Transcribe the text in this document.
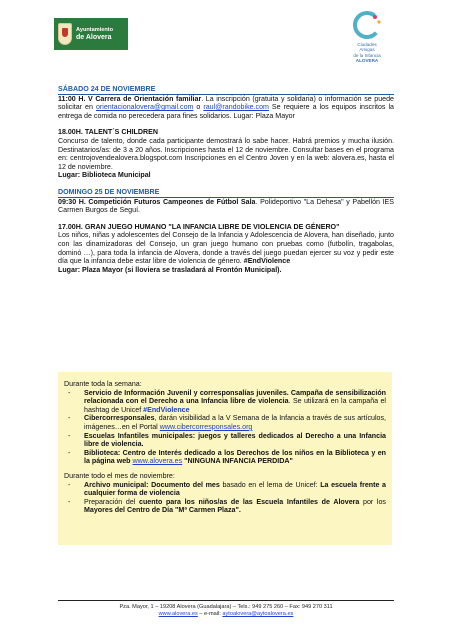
Ayuntamiento
de Alovera
Ciudades
Amigas
de la Infancia
ALOVERA
SÁBADO 24 DE NOVIEMBRE

11:00 H. V Carrera de Orientación familiar. La inscripción (gratuita y solidaria) o información se puede solicitar en orientacionalovera@gmail.com o raul@randobike.com Se requiere a los equipos inscritos la entrega de comida no perecedera para fines solidarios. Lugar: Plaza Mayor

18.00H. TALENT´S CHILDREN

Concurso de talento, donde cada participante demostrará lo sabe hacer. Habrá premios y mucha ilusión. Destinatarios/as: de 3 a 20 años. Inscripciones hasta el 12 de noviembre. Consultar bases en el programa en: centrojovendealovera.blogspot.com Inscripciones en el Centro Joven y en la web: alovera.es, hasta el 12 de noviembre.

Lugar: Biblioteca Municipal

DOMINGO 25 DE NOVIEMBRE

09:30 H. Competición Futuros Campeones de Fútbol Sala. Polideportivo "La Dehesa" y Pabellón IES Carmen Burgos de Seguí.

17.00H. GRAN JUEGO HUMANO "LA INFANCIA LIBRE DE VIOLENCIA DE GÉNERO"

Los niños, niñas y adolescentes del Consejo de la Infancia y Adolescencia de Alovera, han diseñado, junto con las dinamizadoras del Consejo, un gran juego humano con pruebas como (futbolín, tragabolas, dominó …), para toda la infancia de Alovera, donde a través del juego puedan ejercer su voz y pedir este día que la infancia debe estar libre de violencia de género. #EndViolence

Lugar: Plaza Mayor (si lloviera se trasladará al Frontón Municipal).

Durante toda la semana:

- Servicio de Información Juvenil y corresponsalías juveniles. Campaña de sensibilización relacionada con el Derecho a una Infancia libre de violencia. Se utilizará en la campaña el hashtag de Unicef #EndViolence
- Cibercorresponsales, darán visibilidad a la V Semana de la Infancia a través de sus artículos, imágenes…en el Portal www.cibercorresponsales.org
- Escuelas Infantiles municipales: juegos y talleres dedicados al Derecho a una Infancia libre de violencia.
- Biblioteca: Centro de Interés dedicado a los Derechos de los niños en la Biblioteca y en la página web www.alovera.es "NINGUNA INFANCIA PERDIDA"

Durante todo el mes de noviembre:

- Archivo municipal: Documento del mes basado en el lema de Unicef: La escuela frente a cualquier forma de violencia
- Preparación del cuento para los niños/as de las Escuela Infantiles de Alovera por los Mayores del Centro de Día "Mª Carmen Plaza".
Pza. Mayor, 1 – 19208 Alovera (Guadalajara) – Tels.: 949 275 260 – Fax: 949 270 311
www.alovera.es – e-mail: aytoalovera@aytoalovera.es
